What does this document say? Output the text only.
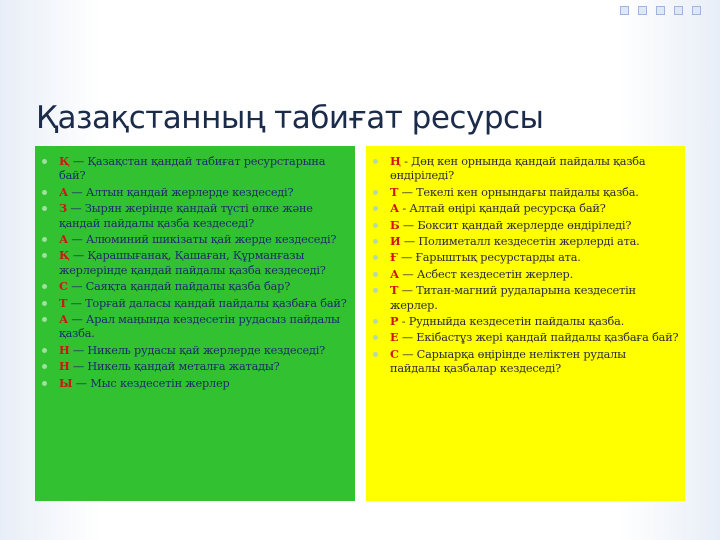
Қазақстанның табиғат ресурсы
Қ — Қазақстан қандай табиғат ресурстарына бай?
А — Алтын қандай жерлерде кездеседі?
З — Зырян жерінде қандай түсті өлке және қандай пайдалы қазба кездеседі?
А — Алюминий шикізаты қай жерде кездеседі?
Қ — Қарашығанақ, Қашаған, Құрманғазы жерлерінде қандай пайдалы қазба кездеседі?
С — Саяқта қандай пайдалы қазба бар?
Т — Торғай даласы қандай пайдалы қазбаға бай?
А — Арал маңында кездесетін рудасыз пайдалы қазба.
Н — Никель рудасы қай жерлерде кездеседі?
Н — Никель қандай металға жатады?
Ы — Мыс кездесетін жерлер
Ң - Дөң кен орнында қандай пайдалы қазба өндіріледі?
Т — Текелі кен орнындағы пайдалы қазба.
А - Алтай өңірі қандай ресурсқа бай?
Б — Боксит қандай жерлерде өндіріледі?
И — Полиметалл кездесетін жерлерді ата.
Ғ — Ғарыштық ресурстарды ата.
А — Асбест кездесетін жерлер.
Т — Титан-магний рудаларына кездесетін жерлер.
Р - Рудныйда кездесетін пайдалы қазба.
Е — Екібастұз жері қандай пайдалы қазбаға бай?
С — Сарыарқа өңірінде неліктен рудалы пайдалы қазбалар кездеседі?
